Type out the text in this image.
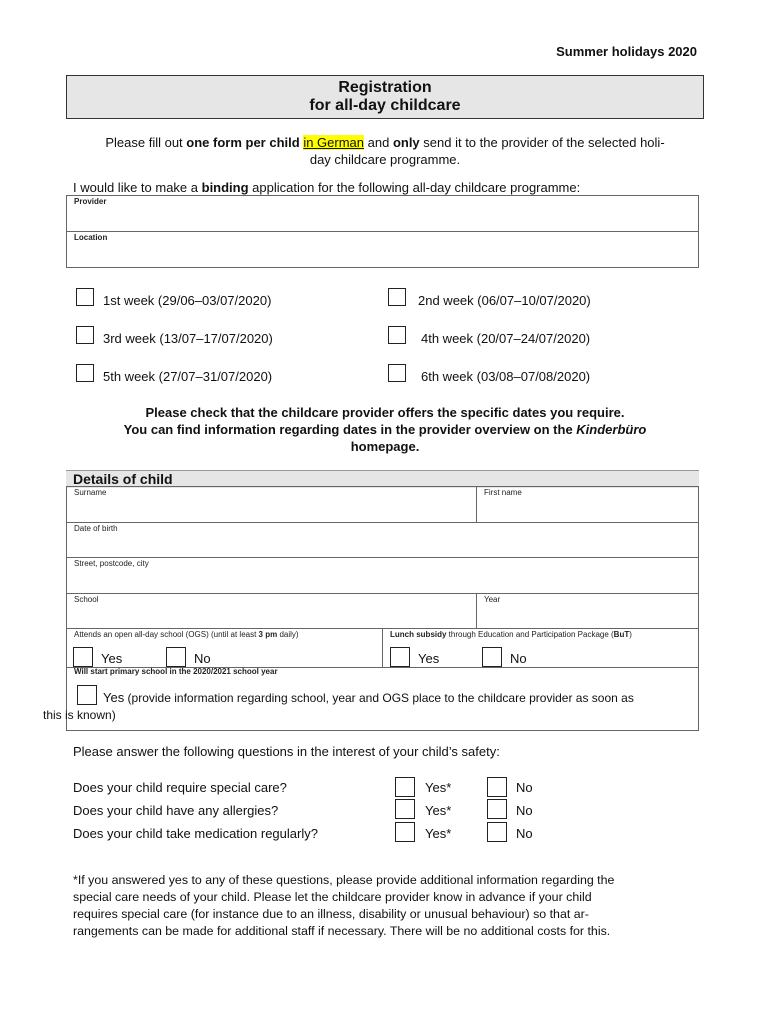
Summer holidays 2020
Registration
for all-day childcare
Please fill out one form per child in German and only send it to the provider of the selected holi-
day childcare programme.
I would like to make a binding application for the following all-day childcare programme:
Provider
Location
1st week (29/06–03/07/2020)	2nd week (06/07–10/07/2020)
3rd week (13/07–17/07/2020)	4th week (20/07–24/07/2020)
5th week (27/07–31/07/2020)	6th week (03/08–07/08/2020)
Please check that the childcare provider offers the specific dates you require.
You can find information regarding dates in the provider overview on the Kinderbüro
homepage.
Details of child
Surname	First name
Date of birth
Street, postcode, city
School	Year
Attends an open all-day school (OGS) (until at least 3 pm daily)	Lunch subsidy through Education and Participation Package (BuT)
Yes	No	Yes	No
Will start primary school in the 2020/2021 school year
Yes (provide information regarding school, year and OGS place to the childcare provider as soon as
this is known)
Please answer the following questions in the interest of your child’s safety:
Does your child require special care?	Yes*	No
Does your child have any allergies?	Yes*	No
Does your child take medication regularly?	Yes*	No
*If you answered yes to any of these questions, please provide additional information regarding the
special care needs of your child. Please let the childcare provider know in advance if your child
requires special care (for instance due to an illness, disability or unusual behaviour) so that ar-
rangements can be made for additional staff if necessary. There will be no additional costs for this.
